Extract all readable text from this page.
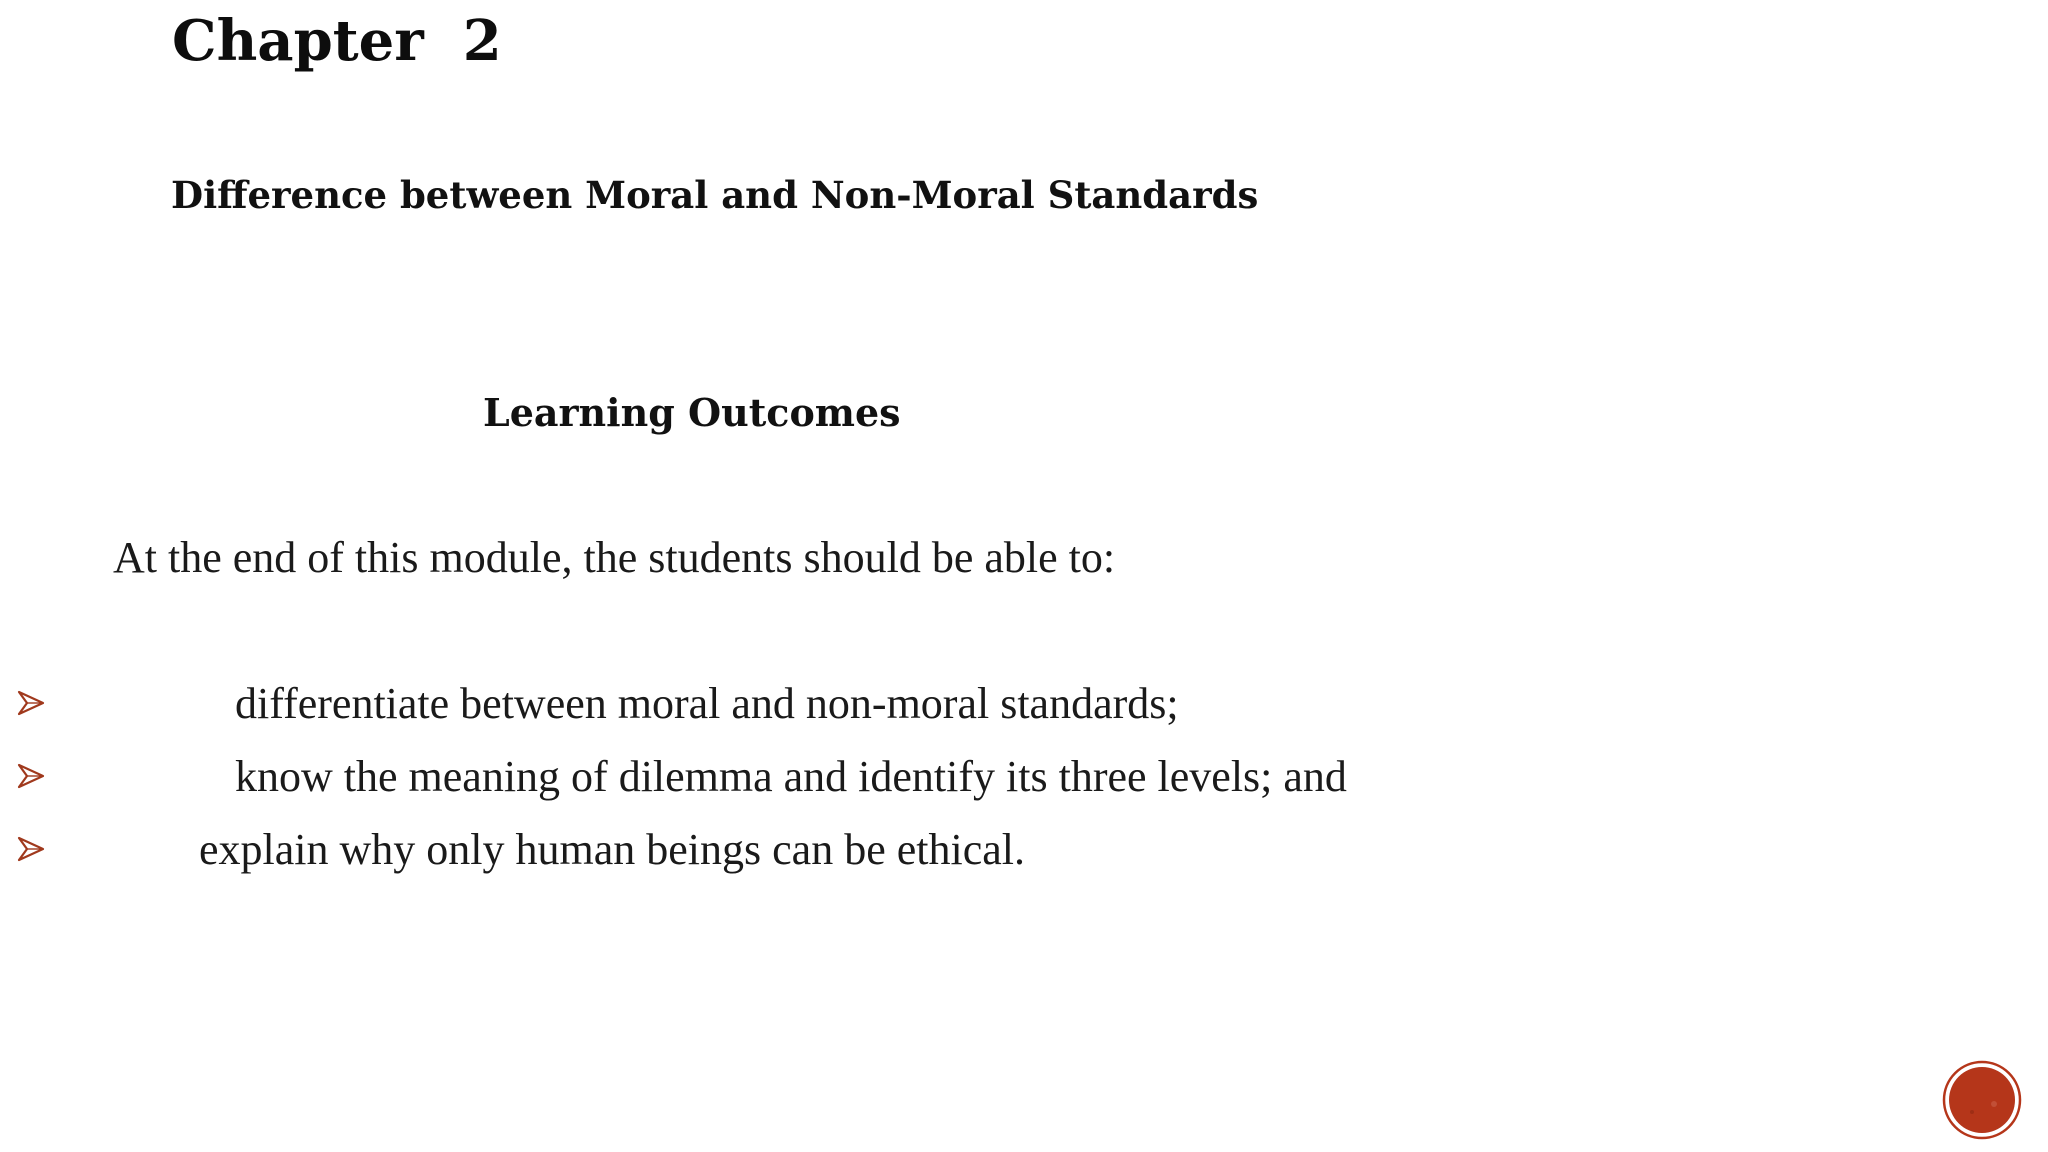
Chapter  2
Difference between Moral and Non-Moral Standards
Learning Outcomes

At the end of this module, the students should be able to:

differentiate between moral and non-moral standards;
know the meaning of dilemma and identify its three levels; and
explain why only human beings can be ethical.
